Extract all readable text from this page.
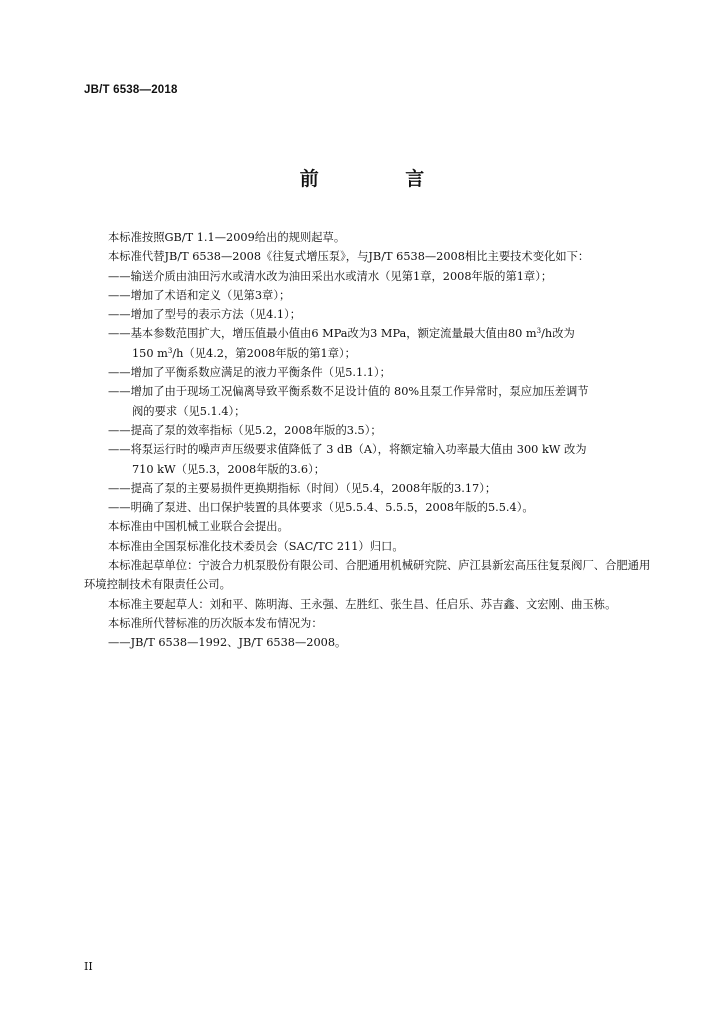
JB/T 6538—2018
前 言

本标准按照GB/T 1.1—2009给出的规则起草。

本标准代替JB/T 6538—2008《往复式增压泵》，与JB/T 6538—2008相比主要技术变化如下：

——输送介质由油田污水或清水改为油田采出水或清水（见第1章，2008年版的第1章）；

——增加了术语和定义（见第3章）；

——增加了型号的表示方法（见4.1）；

——基本参数范围扩大，增压值最小值由6 MPa改为3 MPa，额定流量最大值由80 $m^3/h$改为
150 $m^3/h$（见4.2，第2008年版的第1章）；

——增加了平衡系数应满足的液力平衡条件（见5.1.1）；

——增加了由于现场工况偏离导致平衡系数不足设计值的 80%且泵工作异常时，泵应加压差调节
阀的要求（见5.1.4）；

——提高了泵的效率指标（见5.2，2008年版的3.5）；

——将泵运行时的噪声声压级要求值降低了 3 dB（A），将额定输入功率最大值由 300 kW 改为
710 kW（见5.3，2008年版的3.6）；

——提高了泵的主要易损件更换期指标（时间）（见5.4，2008年版的3.17）；

——明确了泵进、出口保护装置的具体要求（见5.5.4、5.5.5，2008年版的5.5.4）。

本标准由中国机械工业联合会提出。

本标准由全国泵标准化技术委员会（SAC/TC 211）归口。

本标准起草单位：宁波合力机泵股份有限公司、合肥通用机械研究院、庐江县新宏高压往复泵阀厂、合肥通用环境控制技术有限责任公司。

本标准主要起草人：刘和平、陈明海、王永强、左胜红、张生昌、任启乐、苏吉鑫、文宏刚、曲玉栋。

本标准所代替标准的历次版本发布情况为：

——JB/T 6538—1992、JB/T 6538—2008。

II
